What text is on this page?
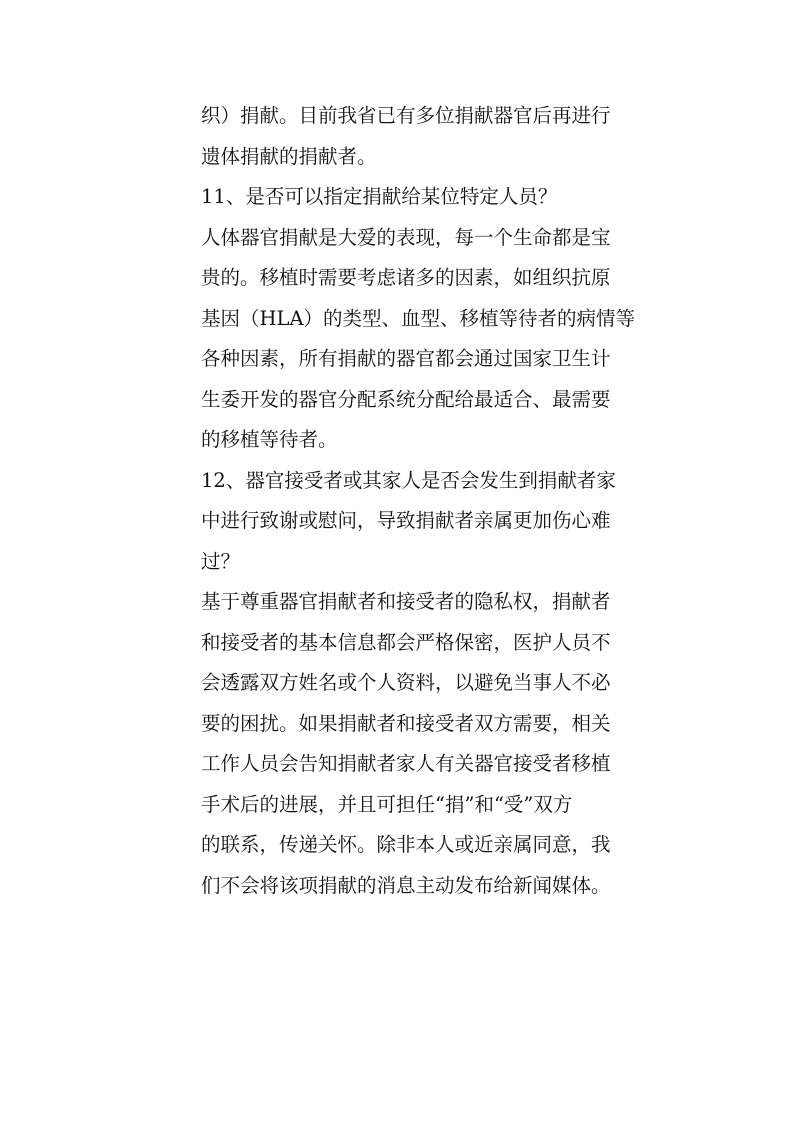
织）捐献。目前我省已有多位捐献器官后再进行
遗体捐献的捐献者。

11、是否可以指定捐献给某位特定人员？

人体器官捐献是大爱的表现，每一个生命都是宝
贵的。移植时需要考虑诸多的因素，如组织抗原
基因（HLA）的类型、血型、移植等待者的病情等
各种因素，所有捐献的器官都会通过国家卫生计
生委开发的器官分配系统分配给最适合、最需要
的移植等待者。

12、器官接受者或其家人是否会发生到捐献者家
中进行致谢或慰问，导致捐献者亲属更加伤心难
过？

基于尊重器官捐献者和接受者的隐私权，捐献者
和接受者的基本信息都会严格保密，医护人员不
会透露双方姓名或个人资料，以避免当事人不必
要的困扰。如果捐献者和接受者双方需要，相关
工作人员会告知捐献者家人有关器官接受者移植
手术后的进展，并且可担任“捐”和“受”双方
的联系，传递关怀。除非本人或近亲属同意，我
们不会将该项捐献的消息主动发布给新闻媒体。
